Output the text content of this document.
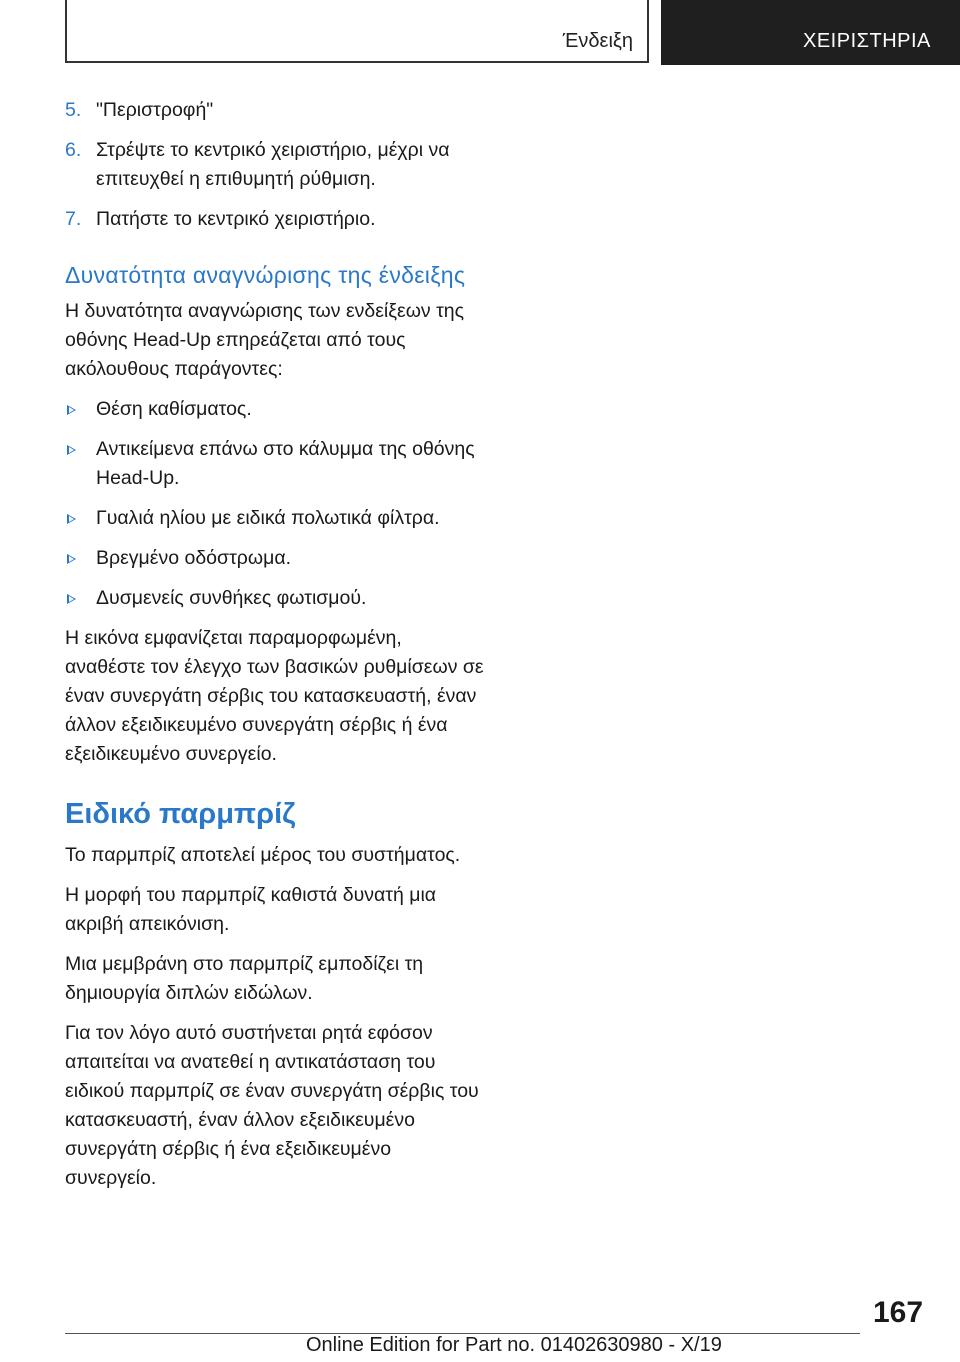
Ένδειξη	ΧΕΙΡΙΣΤΗΡΙΑ
5. "Περιστροφή"
6. Στρέψτε το κεντρικό χειριστήριο, μέχρι να επιτευχθεί η επιθυμητή ρύθμιση.
7. Πατήστε το κεντρικό χειριστήριο.
Δυνατότητα αναγνώρισης της ένδειξης

Η δυνατότητα αναγνώρισης των ενδείξεων της οθόνης Head-Up επηρεάζεται από τους ακόλουθους παράγοντες:

Θέση καθίσματος.
Αντικείμενα επάνω στο κάλυμμα της οθόνης Head-Up.
Γυαλιά ηλίου με ειδικά πολωτικά φίλτρα.
Βρεγμένο οδόστρωμα.
Δυσμενείς συνθήκες φωτισμού.

Η εικόνα εμφανίζεται παραμορφωμένη, αναθέστε τον έλεγχο των βασικών ρυθμίσεων σε έναν συνεργάτη σέρβις του κατασκευαστή, έναν άλλον εξειδικευμένο συνεργάτη σέρβις ή ένα εξειδικευμένο συνεργείο.

Ειδικό παρμπρίζ

Το παρμπρίζ αποτελεί μέρος του συστήματος.

Η μορφή του παρμπρίζ καθιστά δυνατή μια ακριβή απεικόνιση.

Μια μεμβράνη στο παρμπρίζ εμποδίζει τη δημιουργία διπλών ειδώλων.

Για τον λόγο αυτό συστήνεται ρητά εφόσον απαιτείται να ανατεθεί η αντικατάσταση του ειδικού παρμπρίζ σε έναν συνεργάτη σέρβις του κατασκευαστή, έναν άλλον εξειδικευμένο συνεργάτη σέρβις ή ένα εξειδικευμένο συνεργείο.

167
Online Edition for Part no. 01402630980 - X/19
